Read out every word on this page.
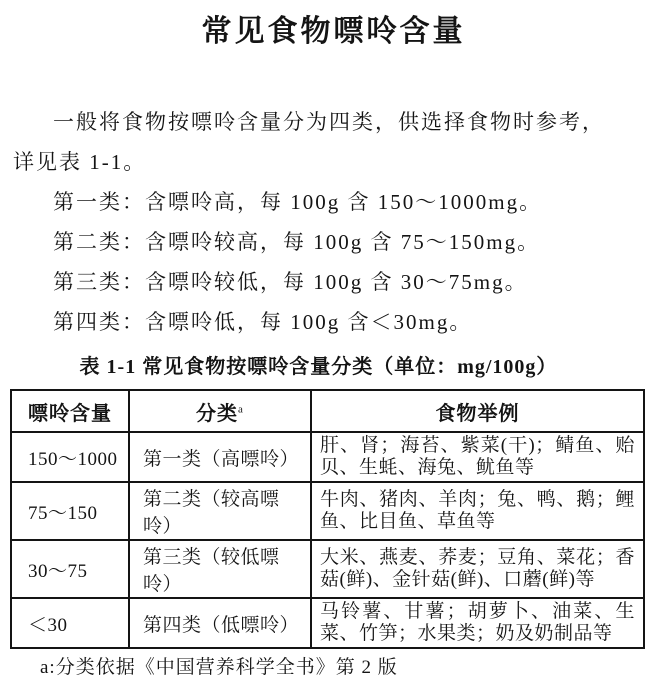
常见食物嘌呤含量

一般将食物按嘌呤含量分为四类，供选择食物时参考，
详见表 1-1。

第一类：含嘌呤高，每 100g 含 150～1000mg。
第二类：含嘌呤较高，每 100g 含 75～150mg。
第三类：含嘌呤较低，每 100g 含 30～75mg。
第四类：含嘌呤低，每 100g 含＜30mg。
表 1-1 常见食物按嘌呤含量分类（单位：mg/100g）
嘌呤含量	分类$^a$	食物举例
150～1000	第一类（高嘌呤）	肝、肾；海苔、紫菜(干)；鲭鱼、贻贝、生蚝、海兔、鱿鱼等
75～150	第二类（较高嘌呤）	牛肉、猪肉、羊肉；兔、鸭、鹅；鲤鱼、比目鱼、草鱼等
30～75	第三类（较低嘌呤）	大米、燕麦、荞麦；豆角、菜花；香菇(鲜)、金针菇(鲜)、口蘑(鲜)等
＜30	第四类（低嘌呤）	马铃薯、甘薯；胡萝卜、油菜、生菜、竹笋；水果类；奶及奶制品等
a:分类依据《中国营养科学全书》第 2 版
